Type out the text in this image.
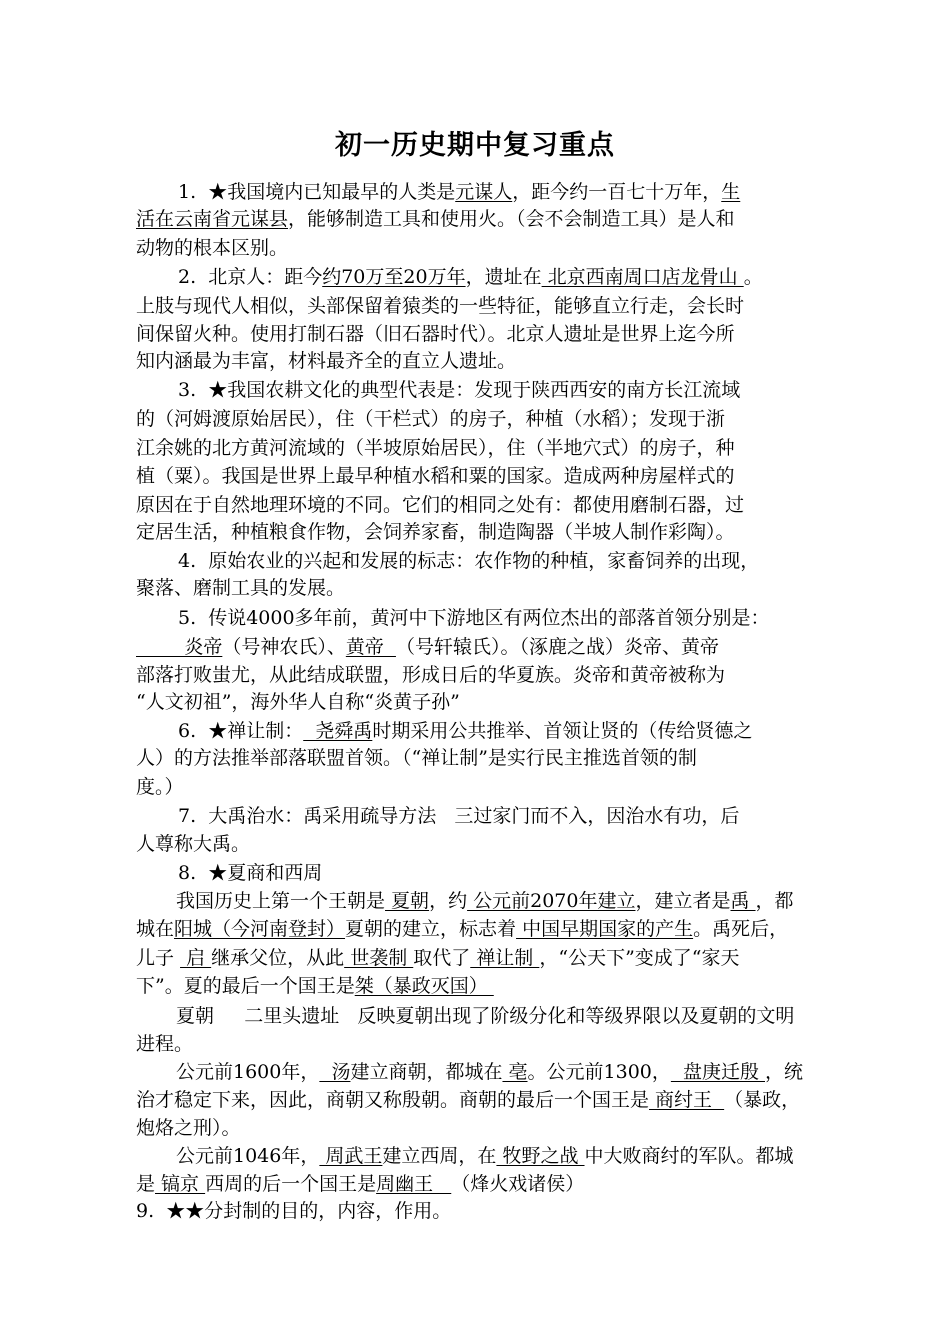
初一历史期中复习重点
1.  ★我国境内已知最早的人类是元谋人，距今约一百七十万年，生
活在云南省元谋县，能够制造工具和使用火。（会不会制造工具）是人和
动物的根本区别。
2.  北京人：距今约70万至20万年，遗址在 北京西南周口店龙骨山 。
上肢与现代人相似，头部保留着猿类的一些特征，能够直立行走，会长时
间保留火种。使用打制石器（旧石器时代）。北京人遗址是世界上迄今所
知内涵最为丰富，材料最齐全的直立人遗址。
3.  ★我国农耕文化的典型代表是：发现于陕西西安的南方长江流域
的（河姆渡原始居民），住（干栏式）的房子，种植（水稻）；发现于浙
江余姚的北方黄河流域的（半坡原始居民），住（半地穴式）的房子，种
植（粟）。我国是世界上最早种植水稻和粟的国家。造成两种房屋样式的
原因在于自然地理环境的不同。它们的相同之处有：都使用磨制石器，过
定居生活，种植粮食作物，会饲养家畜，制造陶器（半坡人制作彩陶）。
4.  原始农业的兴起和发展的标志：农作物的种植，家畜饲养的出现，
聚落、磨制工具的发展。
5.  传说4000多年前，黄河中下游地区有两位杰出的部落首领分别是：
炎帝（号神农氏）、黄帝  （号轩辕氏）。（涿鹿之战）炎帝、黄帝
部落打败蚩尤，从此结成联盟，形成日后的华夏族。炎帝和黄帝被称为
“人文初祖”，海外华人自称“炎黄子孙”
6.  ★禅让制：  尧舜禹时期采用公共推举、首领让贤的（传给贤德之
人）的方法推举部落联盟首领。（“禅让制”是实行民主推选首领的制
度。）
7.  大禹治水：禹采用疏导方法   三过家门而不入，因治水有功，后
人尊称大禹。
8.  ★夏商和西周
我国历史上第一个王朝是 夏朝，约 公元前2070年建立，建立者是禹 ，都
城在阳城（今河南登封）夏朝的建立，标志着 中国早期国家的产生。禹死后，
儿子  启 继承父位，从此 世袭制 取代了 禅让制 ，“公天下”变成了“家天
下”。夏的最后一个国王是桀（暴政灭国）
夏朝     二里头遗址   反映夏朝出现了阶级分化和等级界限以及夏朝的文明
进程。
公元前1600年，  汤建立商朝，都城在 亳。公元前1300，  盘庚迁殷 ，统
治才稳定下来，因此，商朝又称殷朝。商朝的最后一个国王是 商纣王  （暴政，
炮烙之刑）。
公元前1046年， 周武王建立西周，在 牧野之战 中大败商纣的军队。都城
是 镐京 西周的后一个国王是周幽王   （烽火戏诸侯）
9.  ★★分封制的目的，内容，作用。
